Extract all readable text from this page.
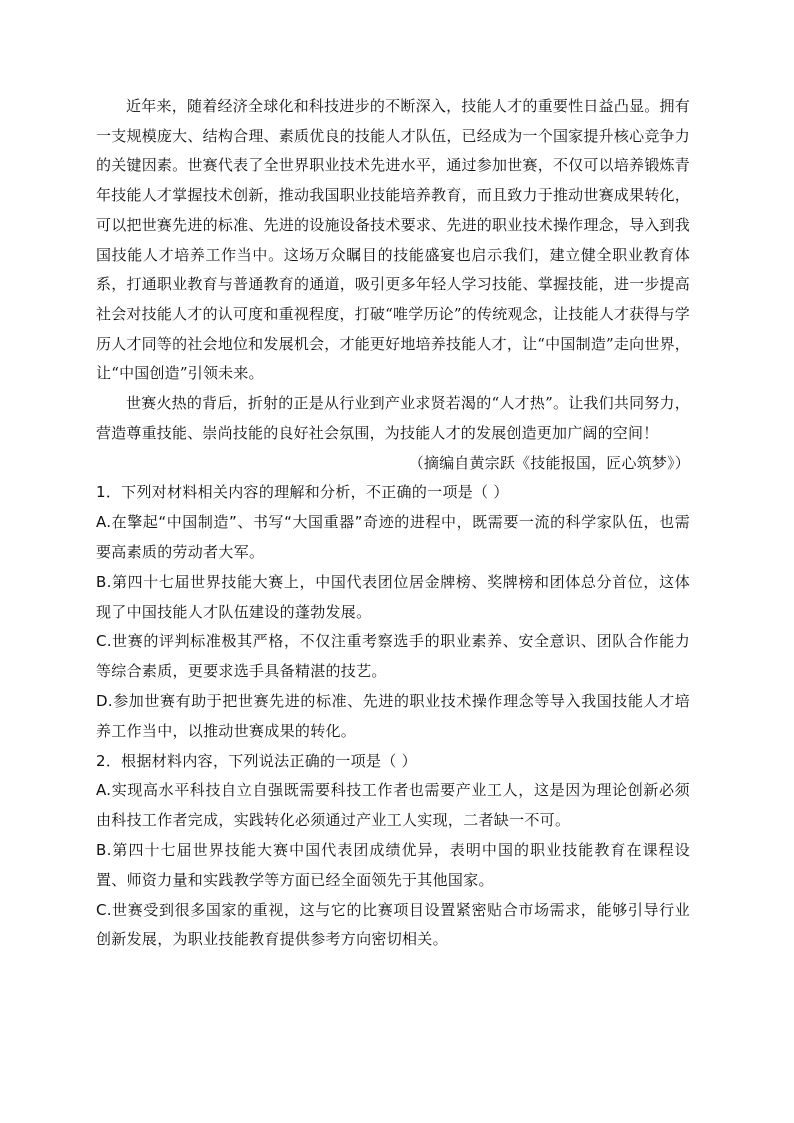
近年来，随着经济全球化和科技进步的不断深入，技能人才的重要性日益凸显。拥有一支规模庞大、结构合理、素质优良的技能人才队伍，已经成为一个国家提升核心竞争力的关键因素。世赛代表了全世界职业技术先进水平，通过参加世赛，不仅可以培养锻炼青年技能人才掌握技术创新，推动我国职业技能培养教育，而且致力于推动世赛成果转化，可以把世赛先进的标准、先进的设施设备技术要求、先进的职业技术操作理念，导入到我国技能人才培养工作当中。这场万众瞩目的技能盛宴也启示我们，建立健全职业教育体系，打通职业教育与普通教育的通道，吸引更多年轻人学习技能、掌握技能，进一步提高社会对技能人才的认可度和重视程度，打破“唯学历论”的传统观念，让技能人才获得与学历人才同等的社会地位和发展机会，才能更好地培养技能人才，让“中国制造”走向世界，让“中国创造”引领未来。

世赛火热的背后，折射的正是从行业到产业求贤若渴的“人才热”。让我们共同努力，营造尊重技能、崇尚技能的良好社会氛围，为技能人才的发展创造更加广阔的空间！

（摘编自黄宗跃《技能报国，匠心筑梦》）

1．下列对材料相关内容的理解和分析，不正确的一项是（ ）

A.在擎起“中国制造”、书写“大国重器”奇迹的进程中，既需要一流的科学家队伍，也需要高素质的劳动者大军。

B.第四十七届世界技能大赛上，中国代表团位居金牌榜、奖牌榜和团体总分首位，这体现了中国技能人才队伍建设的蓬勃发展。

C.世赛的评判标准极其严格，不仅注重考察选手的职业素养、安全意识、团队合作能力等综合素质，更要求选手具备精湛的技艺。

D.参加世赛有助于把世赛先进的标准、先进的职业技术操作理念等导入我国技能人才培养工作当中，以推动世赛成果的转化。

2．根据材料内容，下列说法正确的一项是（ ）

A.实现高水平科技自立自强既需要科技工作者也需要产业工人，这是因为理论创新必须由科技工作者完成，实践转化必须通过产业工人实现，二者缺一不可。

B.第四十七届世界技能大赛中国代表团成绩优异，表明中国的职业技能教育在课程设置、师资力量和实践教学等方面已经全面领先于其他国家。

C.世赛受到很多国家的重视，这与它的比赛项目设置紧密贴合市场需求，能够引导行业创新发展，为职业技能教育提供参考方向密切相关。
